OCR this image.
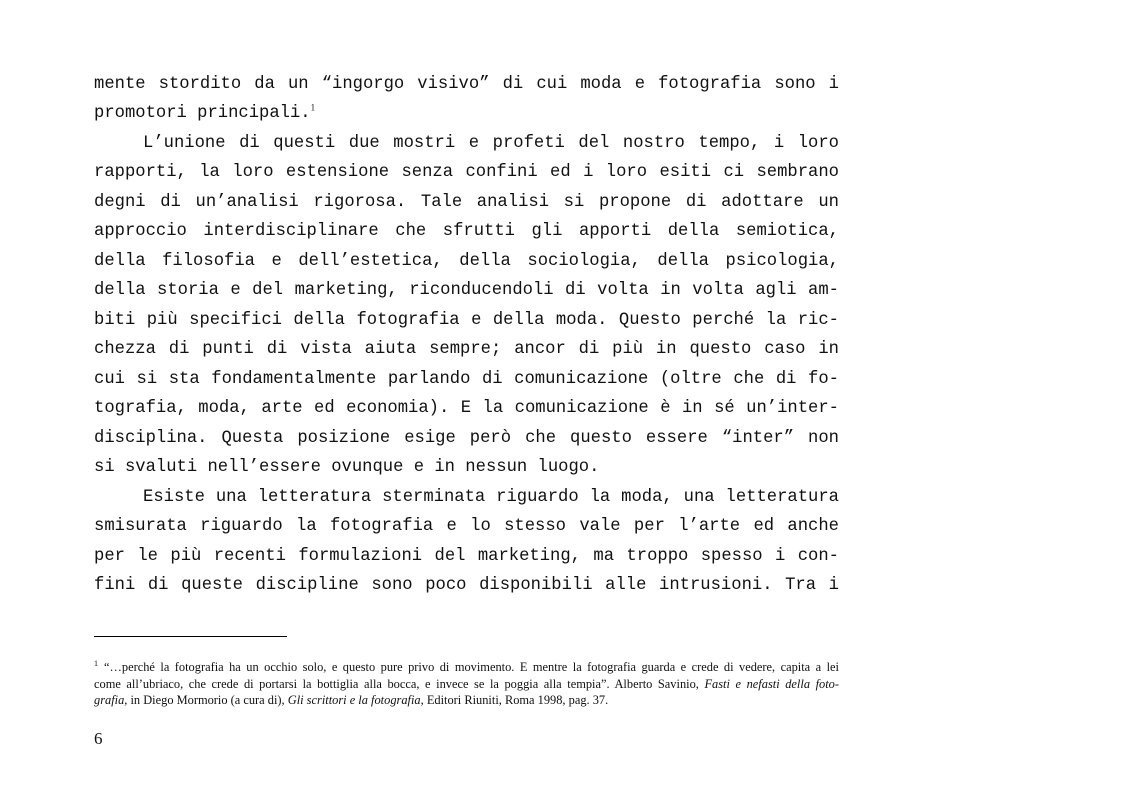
mente stordito da un “ingorgo visivo” di cui moda e fotografia sono i
promotori principali.$^1$
L’unione di questi due mostri e profeti del nostro tempo, i loro
rapporti, la loro estensione senza confini ed i loro esiti ci sembrano
degni di un’analisi rigorosa. Tale analisi si propone di adottare un
approccio interdisciplinare che sfrutti gli apporti della semiotica,
della filosofia e dell’estetica, della sociologia, della psicologia,
della storia e del marketing, riconducendoli di volta in volta agli am-
biti più specifici della fotografia e della moda. Questo perché la ric-
chezza di punti di vista aiuta sempre; ancor di più in questo caso in
cui si sta fondamentalmente parlando di comunicazione (oltre che di fo-
tografia, moda, arte ed economia). E la comunicazione è in sé un’inter-
disciplina. Questa posizione esige però che questo essere “inter” non
si svaluti nell’essere ovunque e in nessun luogo.
Esiste una letteratura sterminata riguardo la moda, una letteratura
smisurata riguardo la fotografia e lo stesso vale per l’arte ed anche
per le più recenti formulazioni del marketing, ma troppo spesso i con-
fini di queste discipline sono poco disponibili alle intrusioni. Tra i
$^1$ “…perché la fotografia ha un occhio solo, e questo pure privo di movimento. E mentre la fotografia guarda e crede di vedere, capita a lei
come all’ubriaco, che crede di portarsi la bottiglia alla bocca, e invece se la poggia alla tempia”. Alberto Savinio, Fasti e nefasti della foto-
grafia, in Diego Mormorio (a cura di), Gli scrittori e la fotografia, Editori Riuniti, Roma 1998, pag. 37.
6
